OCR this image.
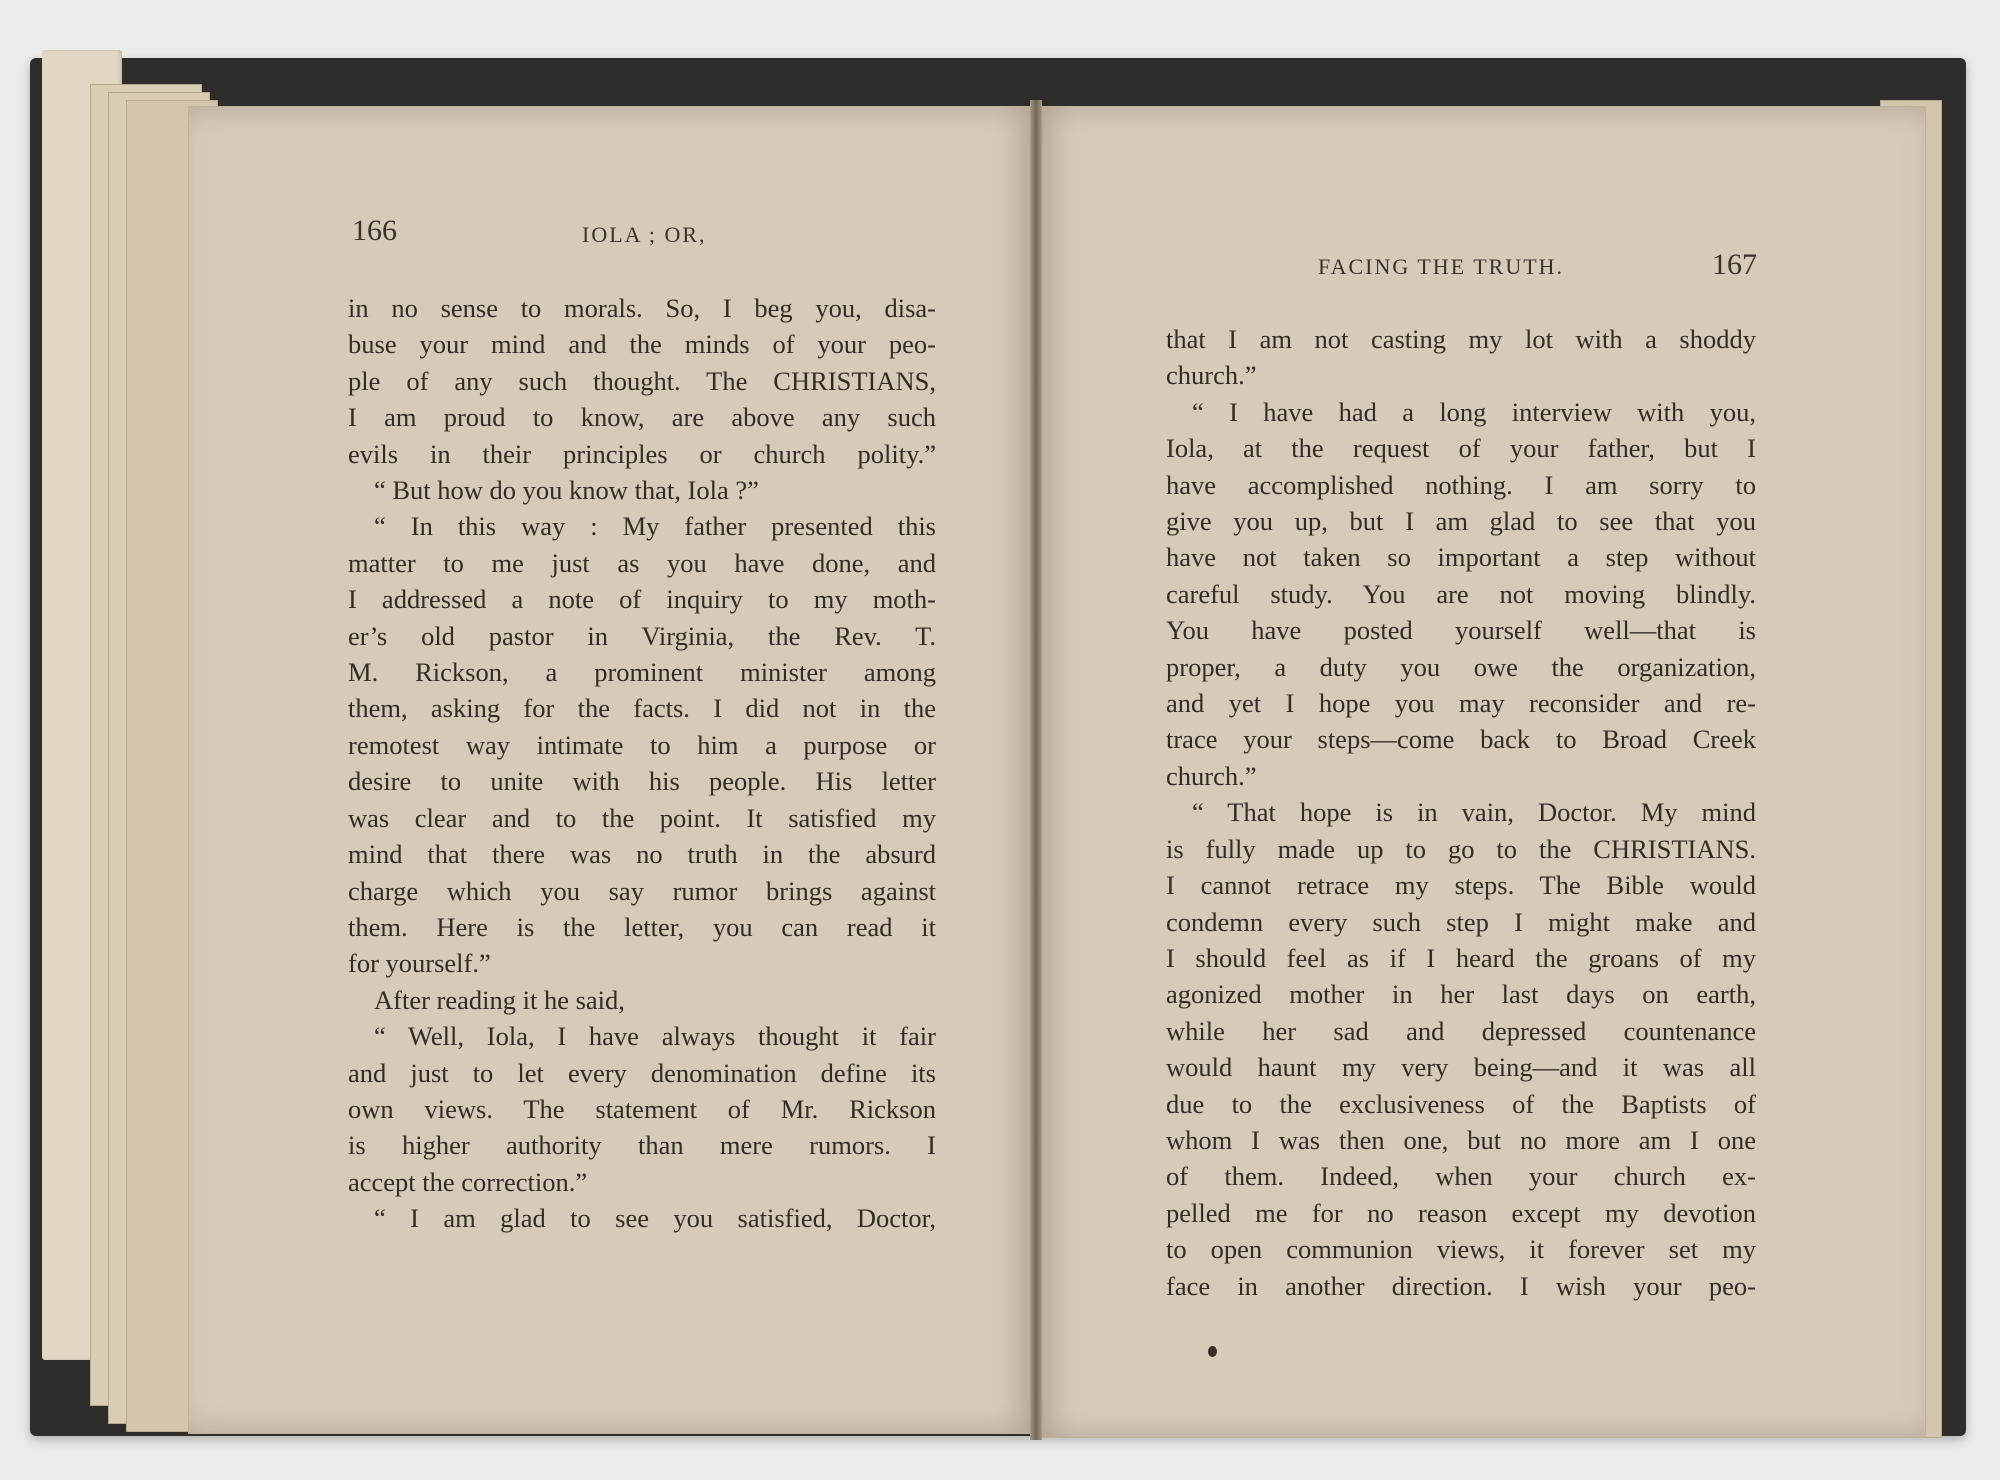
166	IOLA ; OR,
FACING THE TRUTH.	167
in no sense to morals. So, I beg you, disa-
buse your mind and the minds of your peo-
ple of any such thought. The CHRISTIANS,
I am proud to know, are above any such
evils in their principles or church polity.”
“ But how do you know that, Iola ?”
“ In this way : My father presented this
matter to me just as you have done, and
I addressed a note of inquiry to my moth-
er’s old pastor in Virginia, the Rev. T.
M. Rickson, a prominent minister among
them, asking for the facts. I did not in the
remotest way intimate to him a purpose or
desire to unite with his people. His letter
was clear and to the point. It satisfied my
mind that there was no truth in the absurd
charge which you say rumor brings against
them. Here is the letter, you can read it
for yourself.”
After reading it he said,
“ Well, Iola, I have always thought it fair
and just to let every denomination define its
own views. The statement of Mr. Rickson
is higher authority than mere rumors. I
accept the correction.”
“ I am glad to see you satisfied, Doctor,
that I am not casting my lot with a shoddy
church.”
“ I have had a long interview with you,
Iola, at the request of your father, but I
have accomplished nothing. I am sorry to
give you up, but I am glad to see that you
have not taken so important a step without
careful study. You are not moving blindly.
You have posted yourself well—that is
proper, a duty you owe the organization,
and yet I hope you may reconsider and re-
trace your steps—come back to Broad Creek
church.”
“ That hope is in vain, Doctor. My mind
is fully made up to go to the CHRISTIANS.
I cannot retrace my steps. The Bible would
condemn every such step I might make and
I should feel as if I heard the groans of my
agonized mother in her last days on earth,
while her sad and depressed countenance
would haunt my very being—and it was all
due to the exclusiveness of the Baptists of
whom I was then one, but no more am I one
of them. Indeed, when your church ex-
pelled me for no reason except my devotion
to open communion views, it forever set my
face in another direction. I wish your peo-
